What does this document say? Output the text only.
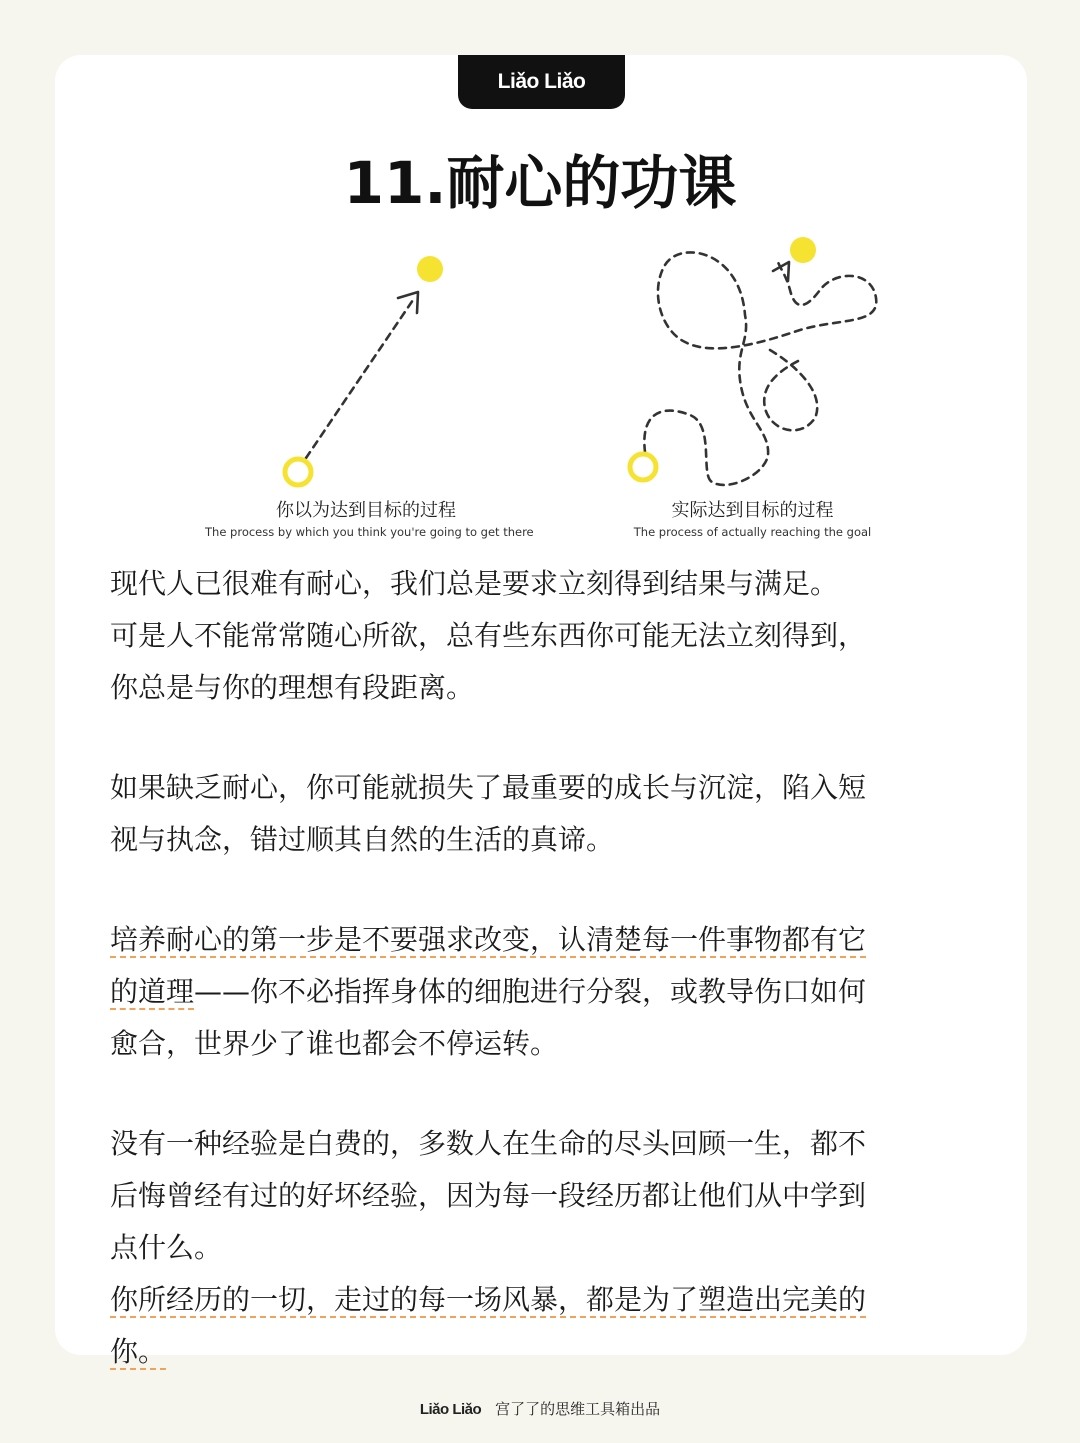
Liǎo Liǎo
11.耐心的功课
你以为达到目标的过程
The process by which you think you're going to get there
实际达到目标的过程
The process of actually reaching the goal

现代人已很难有耐心，我们总是要求立刻得到结果与满足。

可是人不能常常随心所欲，总有些东西你可能无法立刻得到，

你总是与你的理想有段距离。

如果缺乏耐心，你可能就损失了最重要的成长与沉淀，陷入短

视与执念，错过顺其自然的生活的真谛。

培养耐心的第一步是不要强求改变，认清楚每一件事物都有它

的道理——你不必指挥身体的细胞进行分裂，或教导伤口如何

愈合，世界少了谁也都会不停运转。

没有一种经验是白费的，多数人在生命的尽头回顾一生，都不

后悔曾经有过的好坏经验，因为每一段经历都让他们从中学到

点什么。

你所经历的一切，走过的每一场风暴，都是为了塑造出完美的

你。

Liǎo Liǎo 宫了了的思维工具箱出品
